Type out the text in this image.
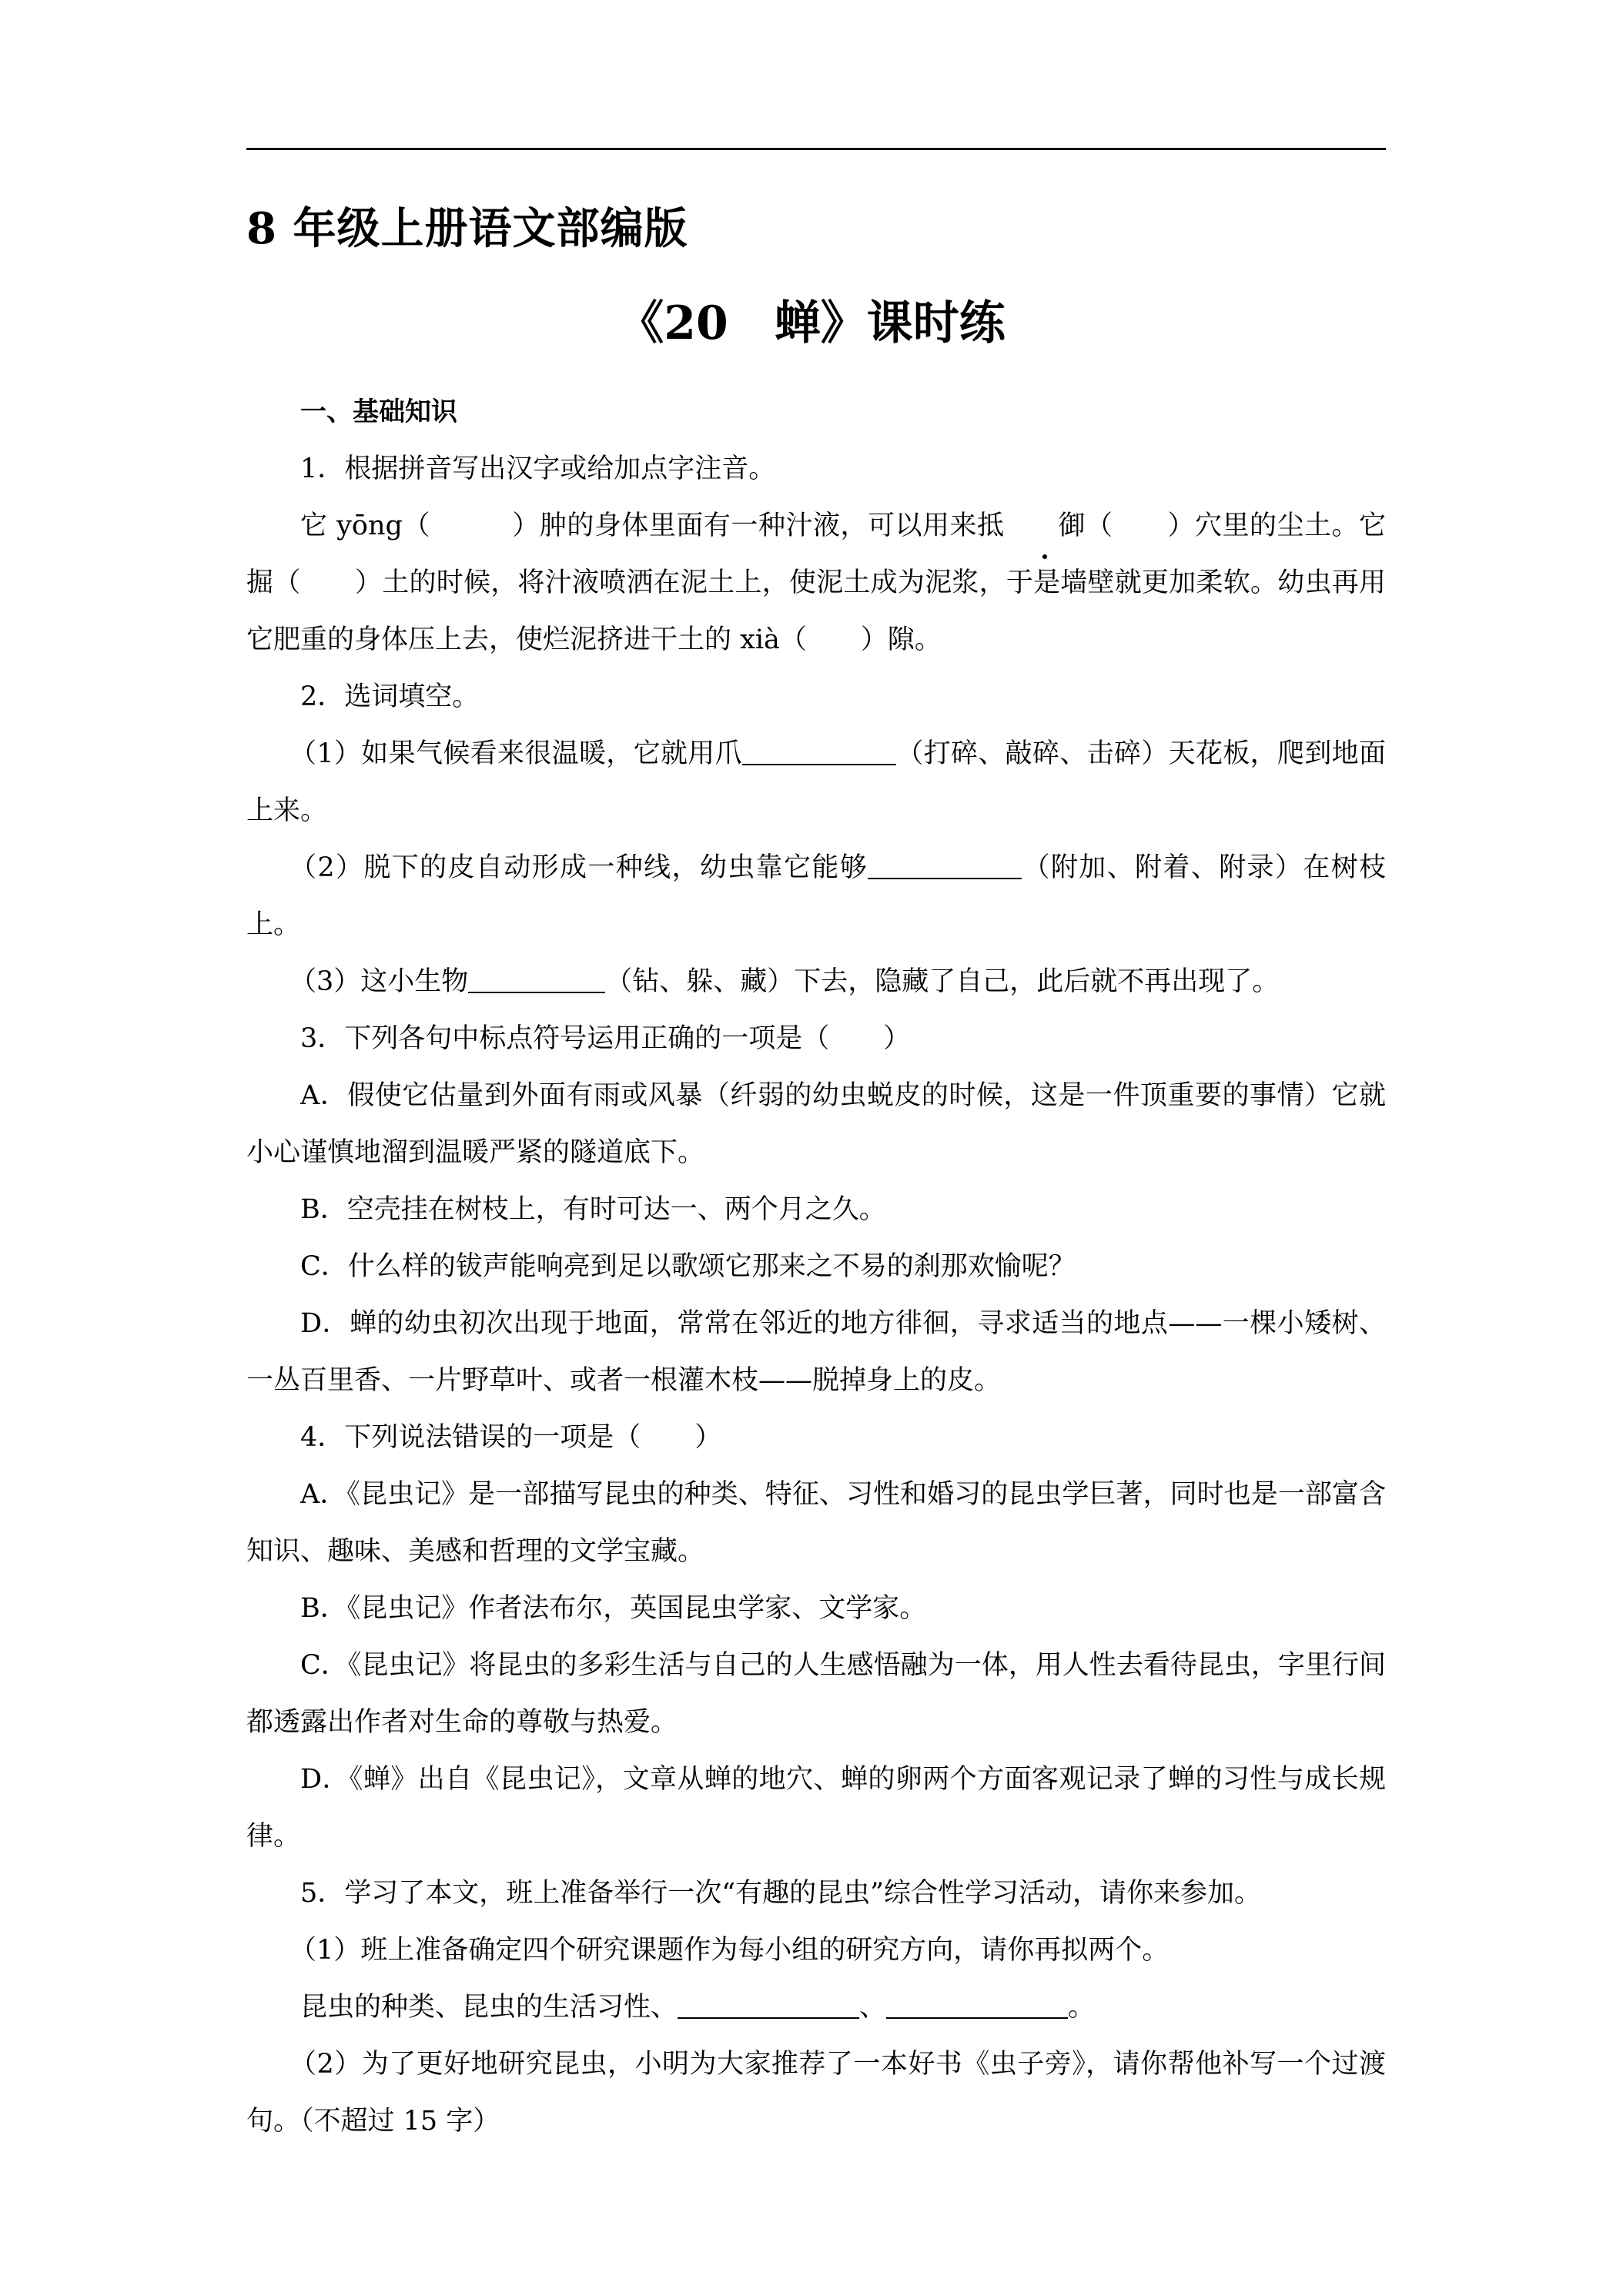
8 年级上册语文部编版
《20　蝉》课时练

一、基础知识

1．根据拼音写出汉字或给加点字注音。

它 yōng（　　　）肿的身体里面有一种汁液，可以用来抵 御（　　）穴里的尘土。它掘（　　）土的时候，将汁液喷洒在泥土上，使泥土成为泥浆，于是墙壁就更加柔软。幼虫再用它肥重的身体压上去，使烂泥挤进干土的 xià（　　）隙。

2．选词填空。

（1）如果气候看来很温暖，它就用爪	（打碎、敲碎、击碎）天花板，爬到地面上来。

（2）脱下的皮自动形成一种线，幼虫靠它能够	（附加、附着、附录）在树枝上。

（3）这小生物	（钻、躲、藏）下去，隐藏了自己，此后就不再出现了。

3．下列各句中标点符号运用正确的一项是（　　）

A．假使它估量到外面有雨或风暴（纤弱的幼虫蜕皮的时候，这是一件顶重要的事情）它就小心谨慎地溜到温暖严紧的隧道底下。

B．空壳挂在树枝上，有时可达一、两个月之久。

C．什么样的钹声能响亮到足以歌颂它那来之不易的刹那欢愉呢？

D．蝉的幼虫初次出现于地面，常常在邻近的地方徘徊，寻求适当的地点——一棵小矮树、一丛百里香、一片野草叶、或者一根灌木枝——脱掉身上的皮。

4．下列说法错误的一项是（　　）

A．《昆虫记》是一部描写昆虫的种类、特征、习性和婚习的昆虫学巨著，同时也是一部富含知识、趣味、美感和哲理的文学宝藏。

B．《昆虫记》作者法布尔，英国昆虫学家、文学家。

C．《昆虫记》将昆虫的多彩生活与自己的人生感悟融为一体，用人性去看待昆虫，字里行间都透露出作者对生命的尊敬与热爱。

D．《蝉》出自《昆虫记》，文章从蝉的地穴、蝉的卵两个方面客观记录了蝉的习性与成长规律。

5．学习了本文，班上准备举行一次“有趣的昆虫”综合性学习活动，请你来参加。

（1）班上准备确定四个研究课题作为每小组的研究方向，请你再拟两个。

昆虫的种类、昆虫的生活习性、	、	。

（2）为了更好地研究昆虫，小明为大家推荐了一本好书《虫子旁》，请你帮他补写一个过渡句。（不超过 15 字）
